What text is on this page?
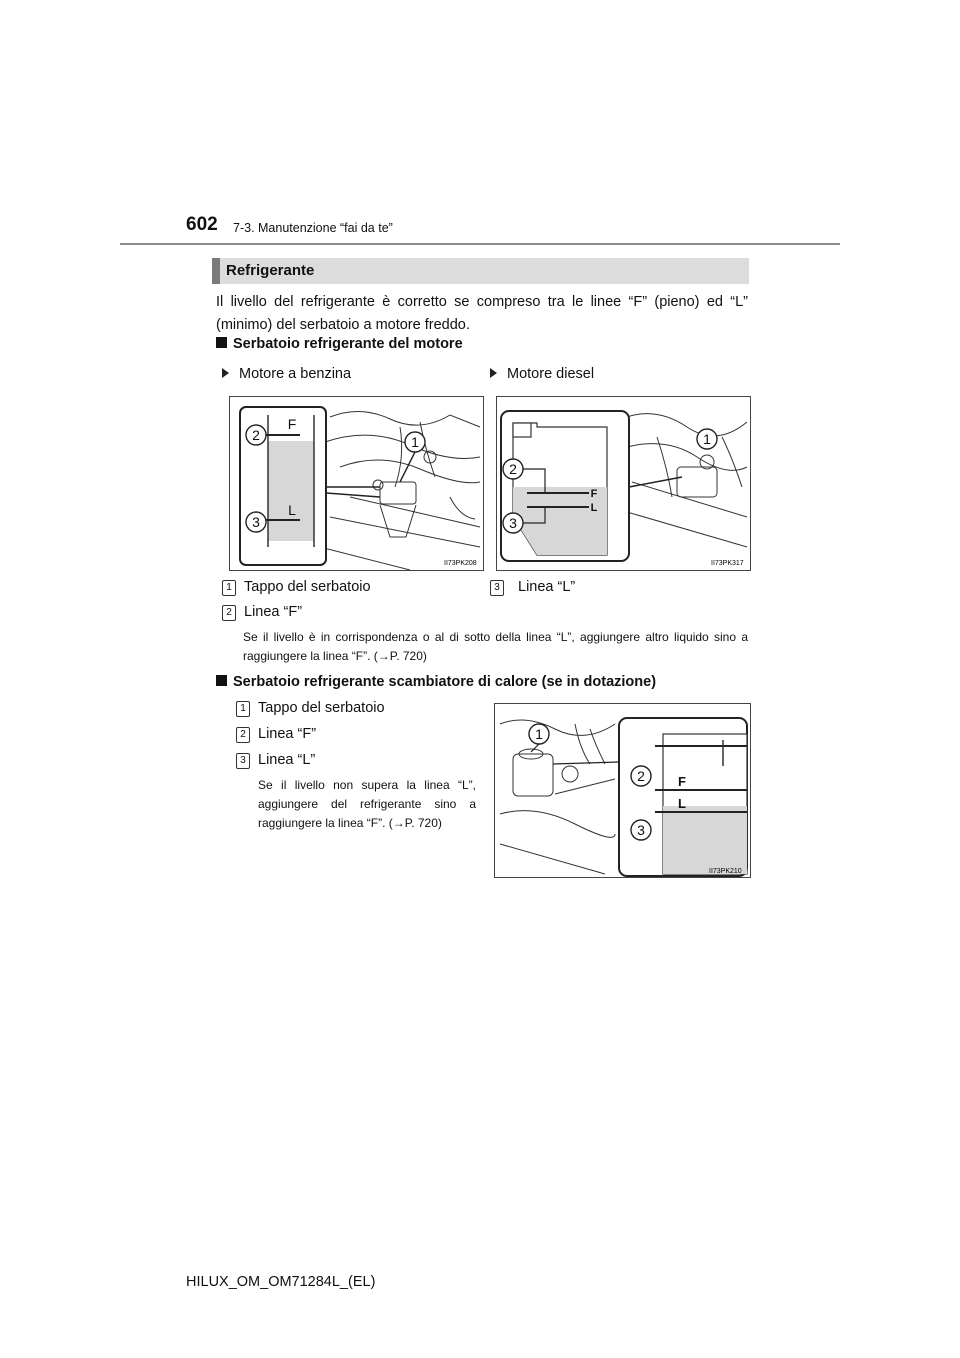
602 7-3. Manutenzione “fai da te”
Refrigerante
Il livello del refrigerante è corretto se compreso tra le linee “F” (pieno) ed “L” (minimo) del serbatoio a motore freddo.
Serbatoio refrigerante del motore
Motore a benzina	Motore diesel
2
3
1
F
L
II73PK208
2
3
1
F
L
II73PK317
1 Tappo del serbatoio	3 Linea “L”
2 Linea “F”
Se il livello è in corrispondenza o al di sotto della linea “L”, aggiungere altro liquido sino a raggiungere la linea “F”. (→P. 720)
Serbatoio refrigerante scambiatore di calore (se in dotazione)
1 Tappo del serbatoio
2 Linea “F”
3 Linea “L”
Se il livello non supera la linea “L”, aggiungere del refrigerante sino a raggiungere la linea “F”. (→P. 720)
1
2
3
F
L
II73PK210
HILUX_OM_OM71284L_(EL)
